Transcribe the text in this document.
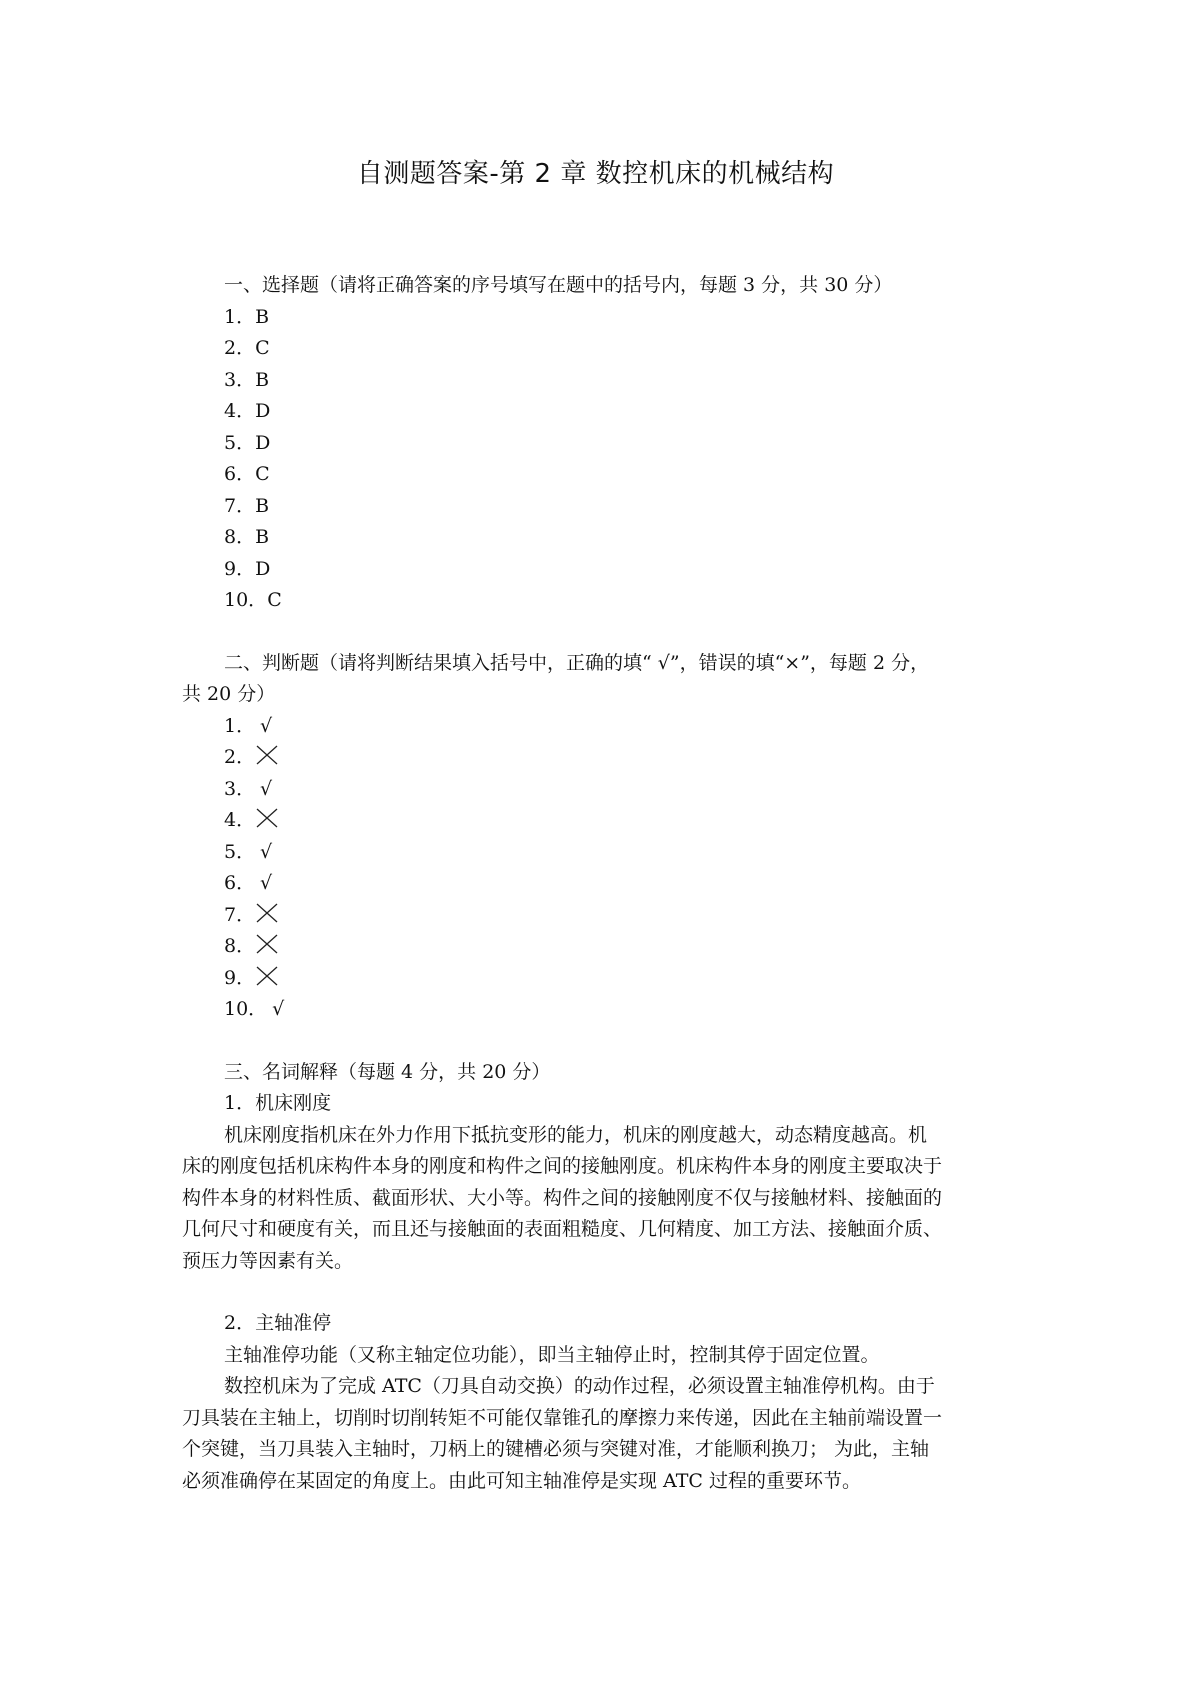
自测题答案-第 2 章 数控机床的机械结构
一、选择题（请将正确答案的序号填写在题中的括号内，每题 3 分，共 30 分）
1．B
2．C
3．B
4．D
5．D
6．C
7．B
8．B
9．D
10．C
二、判断题（请将判断结果填入括号中，正确的填“ √”，错误的填“×”，每题 2 分，
共 20 分）
1． √
2．
3． √
4．
5． √
6． √
7．
8．
9．
10． √
三、名词解释（每题 4 分，共 20 分）
1．机床刚度
机床刚度指机床在外力作用下抵抗变形的能力，机床的刚度越大，动态精度越高。机
床的刚度包括机床构件本身的刚度和构件之间的接触刚度。机床构件本身的刚度主要取决于
构件本身的材料性质、截面形状、大小等。构件之间的接触刚度不仅与接触材料、接触面的
几何尺寸和硬度有关，而且还与接触面的表面粗糙度、几何精度、加工方法、接触面介质、
预压力等因素有关。
2．主轴准停
主轴准停功能（又称主轴定位功能），即当主轴停止时，控制其停于固定位置。
数控机床为了完成 ATC（刀具自动交换）的动作过程，必须设置主轴准停机构。由于
刀具装在主轴上，切削时切削转矩不可能仅靠锥孔的摩擦力来传递，因此在主轴前端设置一
个突键，当刀具装入主轴时，刀柄上的键槽必须与突键对准，才能顺利换刀； 为此，主轴
必须准确停在某固定的角度上。由此可知主轴准停是实现 ATC 过程的重要环节。
